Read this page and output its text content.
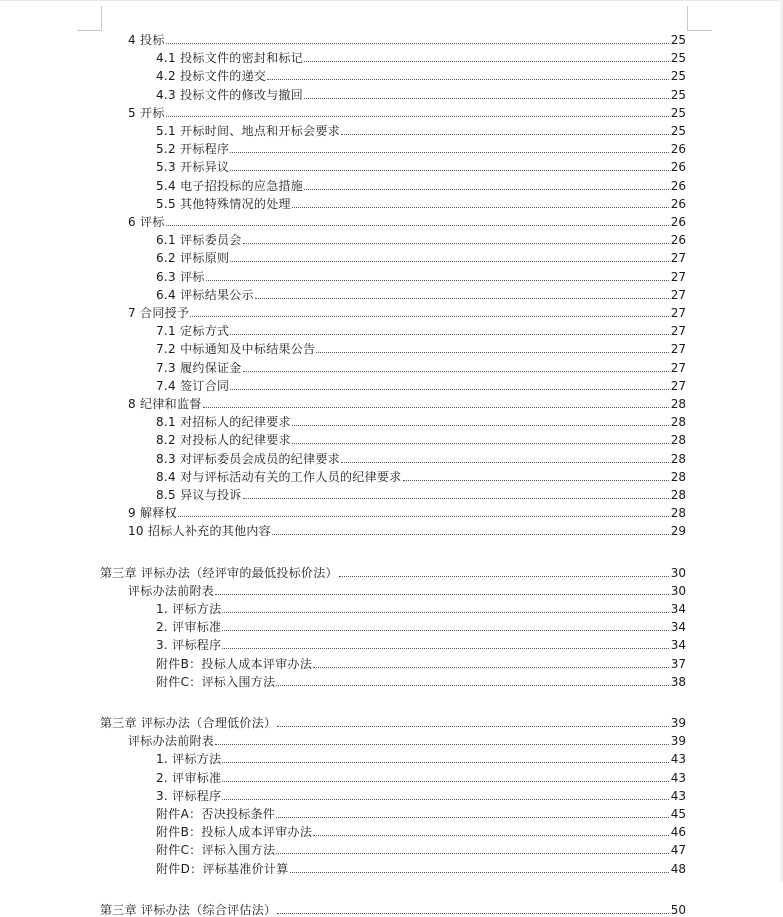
4 投标	25
4.1 投标文件的密封和标记	25
4.2 投标文件的递交	25
4.3 投标文件的修改与撤回	25
5 开标	25
5.1 开标时间、地点和开标会要求	25
5.2 开标程序	26
5.3 开标异议	26
5.4 电子招投标的应急措施	26
5.5 其他特殊情况的处理	26
6 评标	26
6.1 评标委员会	26
6.2 评标原则	27
6.3 评标	27
6.4 评标结果公示	27
7 合同授予	27
7.1 定标方式	27
7.2 中标通知及中标结果公告	27
7.3 履约保证金	27
7.4 签订合同	27
8 纪律和监督	28
8.1 对招标人的纪律要求	28
8.2 对投标人的纪律要求	28
8.3 对评标委员会成员的纪律要求	28
8.4 对与评标活动有关的工作人员的纪律要求	28
8.5 异议与投诉	28
9 解释权	28
10 招标人补充的其他内容	29
第三章 评标办法（经评审的最低投标价法）	30
评标办法前附表	30
1. 评标方法	34
2. 评审标准	34
3. 评标程序	34
附件B：投标人成本评审办法	37
附件C：评标入围方法	38
第三章 评标办法（合理低价法）	39
评标办法前附表	39
1. 评标方法	43
2. 评审标准	43
3. 评标程序	43
附件A：否决投标条件	45
附件B：投标人成本评审办法	46
附件C：评标入围方法	47
附件D：评标基准价计算	48
第三章 评标办法（综合评估法）	50
